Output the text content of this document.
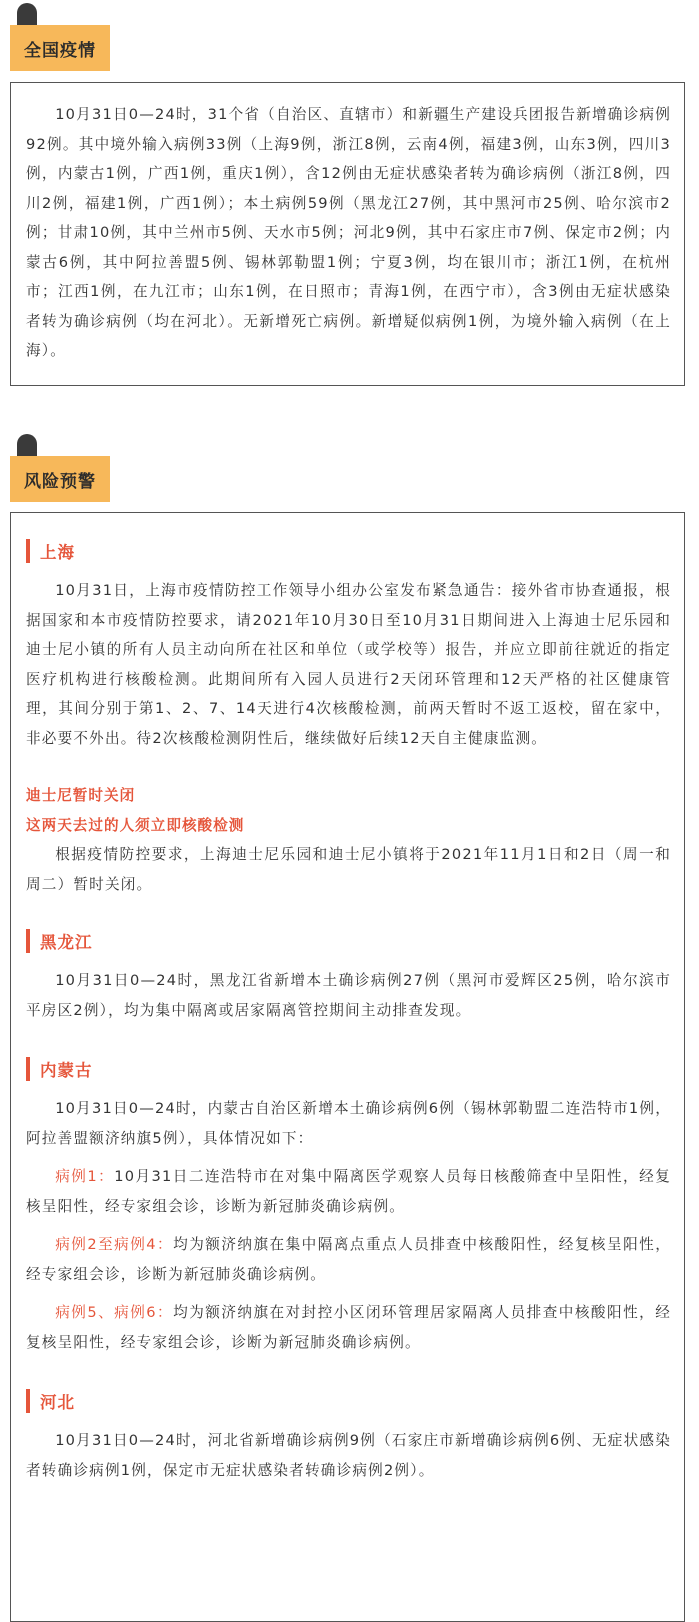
全国疫情

10月31日0—24时，31个省（自治区、直辖市）和新疆生产建设兵团报告新增确诊病例92例。其中境外输入病例33例（上海9例，浙江8例，云南4例，福建3例，山东3例，四川3例，内蒙古1例，广西1例，重庆1例），含12例由无症状感染者转为确诊病例（浙江8例，四川2例，福建1例，广西1例）；本土病例59例（黑龙江27例，其中黑河市25例、哈尔滨市2例；甘肃10例，其中兰州市5例、天水市5例；河北9例，其中石家庄市7例、保定市2例；内蒙古6例，其中阿拉善盟5例、锡林郭勒盟1例；宁夏3例，均在银川市；浙江1例，在杭州市；江西1例，在九江市；山东1例，在日照市；青海1例，在西宁市），含3例由无症状感染者转为确诊病例（均在河北）。无新增死亡病例。新增疑似病例1例，为境外输入病例（在上海）。

风险预警
上海

10月31日，上海市疫情防控工作领导小组办公室发布紧急通告：接外省市协查通报，根据国家和本市疫情防控要求，请2021年10月30日至10月31日期间进入上海迪士尼乐园和迪士尼小镇的所有人员主动向所在社区和单位（或学校等）报告，并应立即前往就近的指定医疗机构进行核酸检测。此期间所有入园人员进行2天闭环管理和12天严格的社区健康管理，其间分别于第1、2、7、14天进行4次核酸检测，前两天暂时不返工返校，留在家中，非必要不外出。待2次核酸检测阴性后，继续做好后续12天自主健康监测。

迪士尼暂时关闭

这两天去过的人须立即核酸检测

根据疫情防控要求，上海迪士尼乐园和迪士尼小镇将于2021年11月1日和2日（周一和周二）暂时关闭。

黑龙江

10月31日0—24时，黑龙江省新增本土确诊病例27例（黑河市爱辉区25例，哈尔滨市平房区2例），均为集中隔离或居家隔离管控期间主动排查发现。

内蒙古

10月31日0—24时，内蒙古自治区新增本土确诊病例6例（锡林郭勒盟二连浩特市1例，阿拉善盟额济纳旗5例），具体情况如下：

病例1：10月31日二连浩特市在对集中隔离医学观察人员每日核酸筛查中呈阳性，经复核呈阳性，经专家组会诊，诊断为新冠肺炎确诊病例。

病例2至病例4：均为额济纳旗在集中隔离点重点人员排查中核酸阳性，经复核呈阳性，经专家组会诊，诊断为新冠肺炎确诊病例。

病例5、病例6：均为额济纳旗在对封控小区闭环管理居家隔离人员排查中核酸阳性，经复核呈阳性，经专家组会诊，诊断为新冠肺炎确诊病例。

河北

10月31日0—24时，河北省新增确诊病例9例（石家庄市新增确诊病例6例、无症状感染者转确诊病例1例，保定市无症状感染者转确诊病例2例）。
